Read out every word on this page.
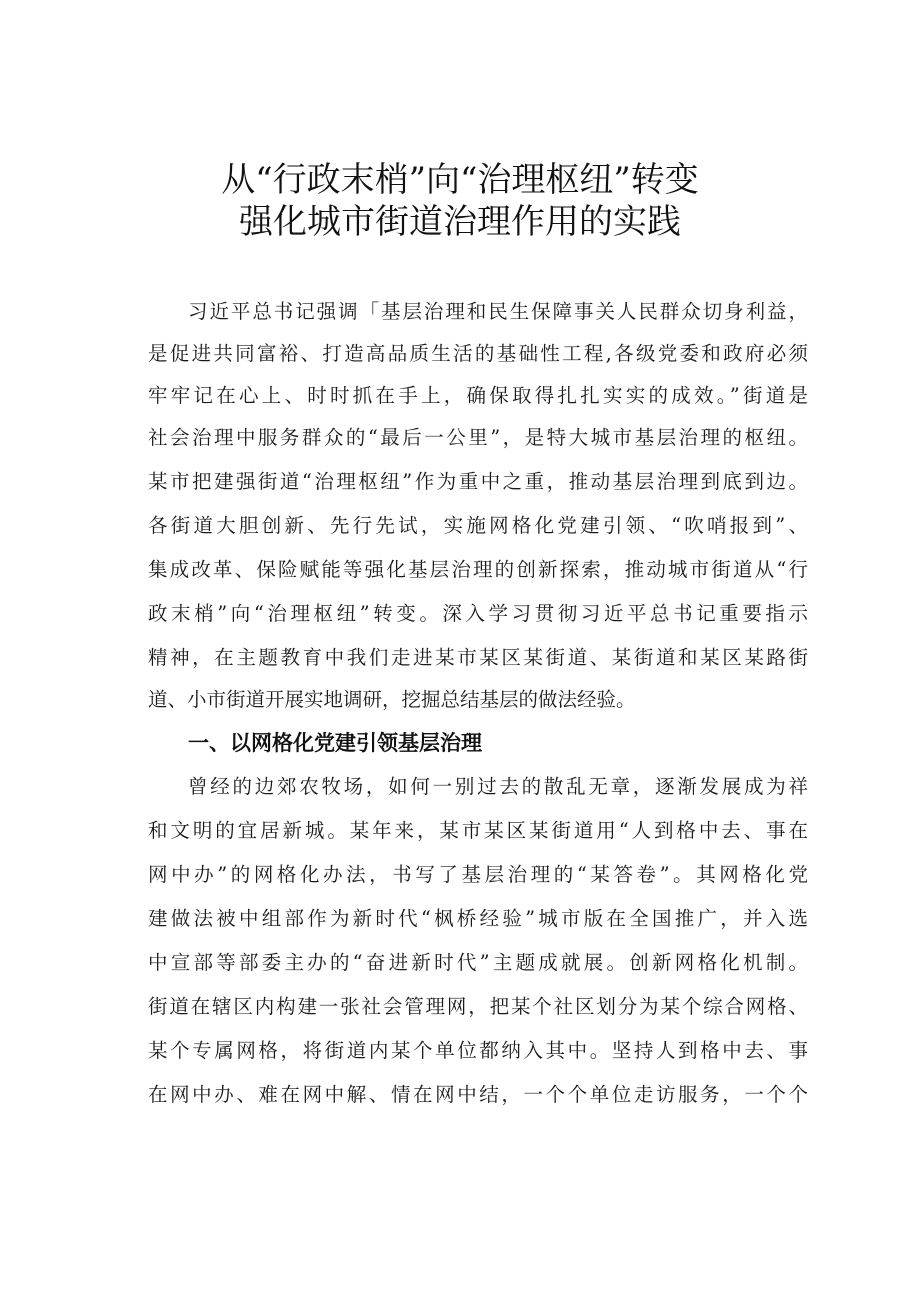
从“行政末梢”向“治理枢纽”转变
强化城市街道治理作用的实践
习近平总书记强调「基层治理和民生保障事关人民群众切身利益，
是促进共同富裕、打造高品质生活的基础性工程,各级党委和政府必须
牢牢记在心上、时时抓在手上，确保取得扎扎实实的成效。”街道是
社会治理中服务群众的“最后一公里”，是特大城市基层治理的枢纽。
某市把建强街道“治理枢纽”作为重中之重，推动基层治理到底到边。
各街道大胆创新、先行先试，实施网格化党建引领、“吹哨报到”、
集成改革、保险赋能等强化基层治理的创新探索，推动城市街道从“行
政末梢”向“治理枢纽”转变。深入学习贯彻习近平总书记重要指示
精神，在主题教育中我们走进某市某区某街道、某街道和某区某路街
道、小市街道开展实地调研，挖掘总结基层的做法经验。
一、以网格化党建引领基层治理
曾经的边郊农牧场，如何一别过去的散乱无章，逐渐发展成为祥
和文明的宜居新城。某年来，某市某区某街道用“人到格中去、事在
网中办”的网格化办法，书写了基层治理的“某答卷”。其网格化党
建做法被中组部作为新时代“枫桥经验”城市版在全国推广，并入选
中宣部等部委主办的“奋进新时代”主题成就展。创新网格化机制。
街道在辖区内构建一张社会管理网，把某个社区划分为某个综合网格、
某个专属网格，将街道内某个单位都纳入其中。坚持人到格中去、事
在网中办、难在网中解、情在网中结，一个个单位走访服务，一个个
